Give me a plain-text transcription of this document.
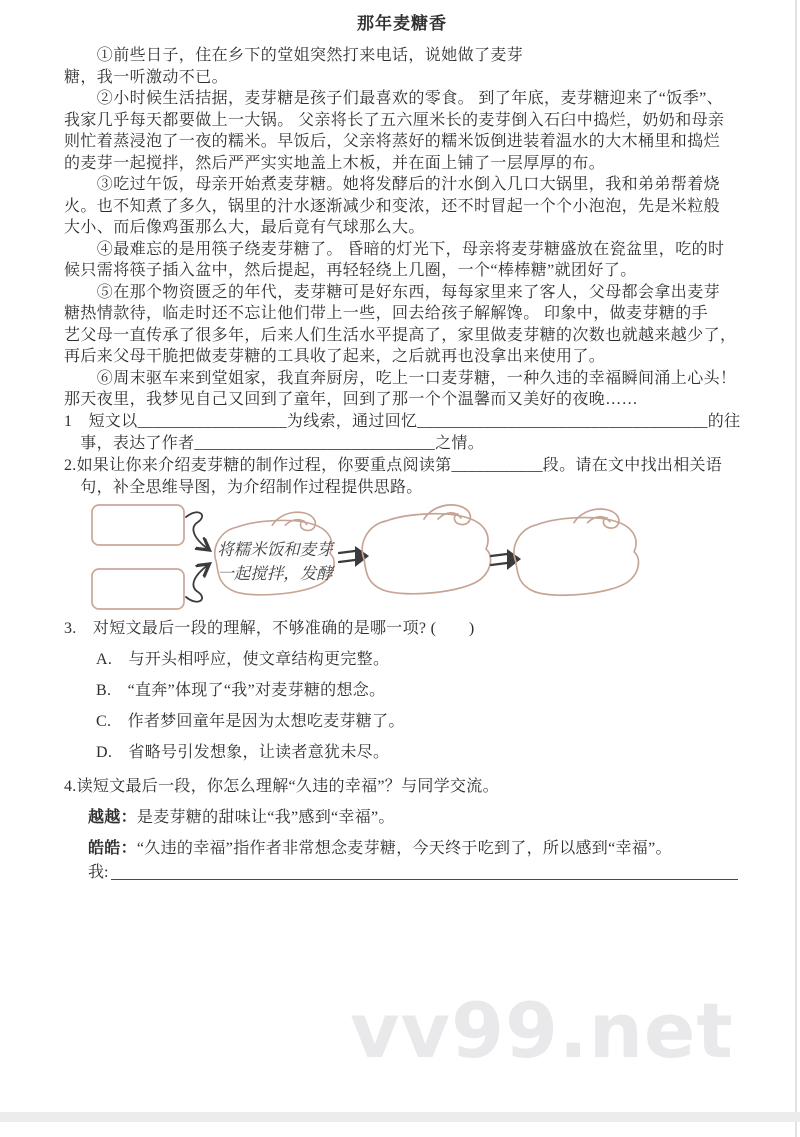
vv99.net
那年麦糖香
　　①前些日子，住在乡下的堂姐突然打来电话，说她做了麦芽
糖，我一听激动不已。
　　②小时候生活拮据，麦芽糖是孩子们最喜欢的零食。 到了年底，麦芽糖迎来了“饭季”、
我家几乎每天都要做上一大锅。 父亲将长了五六厘米长的麦芽倒入石臼中捣烂，奶奶和母亲
则忙着蒸浸泡了一夜的糯米。早饭后，父亲将蒸好的糯米饭倒进装着温水的大木桶里和捣烂
的麦芽一起搅拌，然后严严实实地盖上木板，并在面上铺了一层厚厚的布。
　　③吃过午饭，母亲开始煮麦芽糖。她将发酵后的汁水倒入几口大锅里，我和弟弟帮着烧
火。也不知煮了多久，锅里的汁水逐渐减少和变浓，还不时冒起一个个小泡泡，先是米粒般
大小、而后像鸡蛋那么大，最后竟有气球那么大。
　　④最难忘的是用筷子绕麦芽糖了。 昏暗的灯光下，母亲将麦芽糖盛放在瓷盆里，吃的时
候只需将筷子插入盆中，然后提起，再轻轻绕上几圈，一个“棒棒糖”就团好了。
　　⑤在那个物资匮乏的年代，麦芽糖可是好东西，每每家里来了客人，父母都会拿出麦芽
糖热情款待，临走时还不忘让他们带上一些，回去给孩子解解馋。 印象中，做麦芽糖的手
艺父母一直传承了很多年，后来人们生活水平提高了，家里做麦芽糖的次数也就越来越少了，
再后来父母干脆把做麦芽糖的工具收了起来，之后就再也没拿出来使用了。
　　⑥周末驱车来到堂姐家，我直奔厨房，吃上一口麦芽糖，一种久违的幸福瞬间涌上心头！
那天夜里，我梦见自己又回到了童年，回到了那一个个温馨而又美好的夜晚……
1　短文以__________________为线索，通过回忆___________________________________的往
　事，表达了作者_____________________________之情。
2.如果让你来介绍麦芽糖的制作过程，你要重点阅读第___________段。请在文中找出相关语
　句，补全思维导图，为介绍制作过程提供思路。
将糯米饭和麦芽
一起搅拌，发酵
3.　对短文最后一段的理解，不够准确的是哪一项? (　　)
A.　与开头相呼应，使文章结构更完整。
B.　“直奔”体现了“我”对麦芽糖的想念。
C.　作者梦回童年是因为太想吃麦芽糖了。
D.　省略号引发想象，让读者意犹未尽。
4.读短文最后一段，你怎么理解“久违的幸福”？与同学交流。
越越：是麦芽糖的甜味让“我”感到“幸福”。
皓皓：“久违的幸福”指作者非常想念麦芽糖，今天终于吃到了，所以感到“幸福”。
我:
